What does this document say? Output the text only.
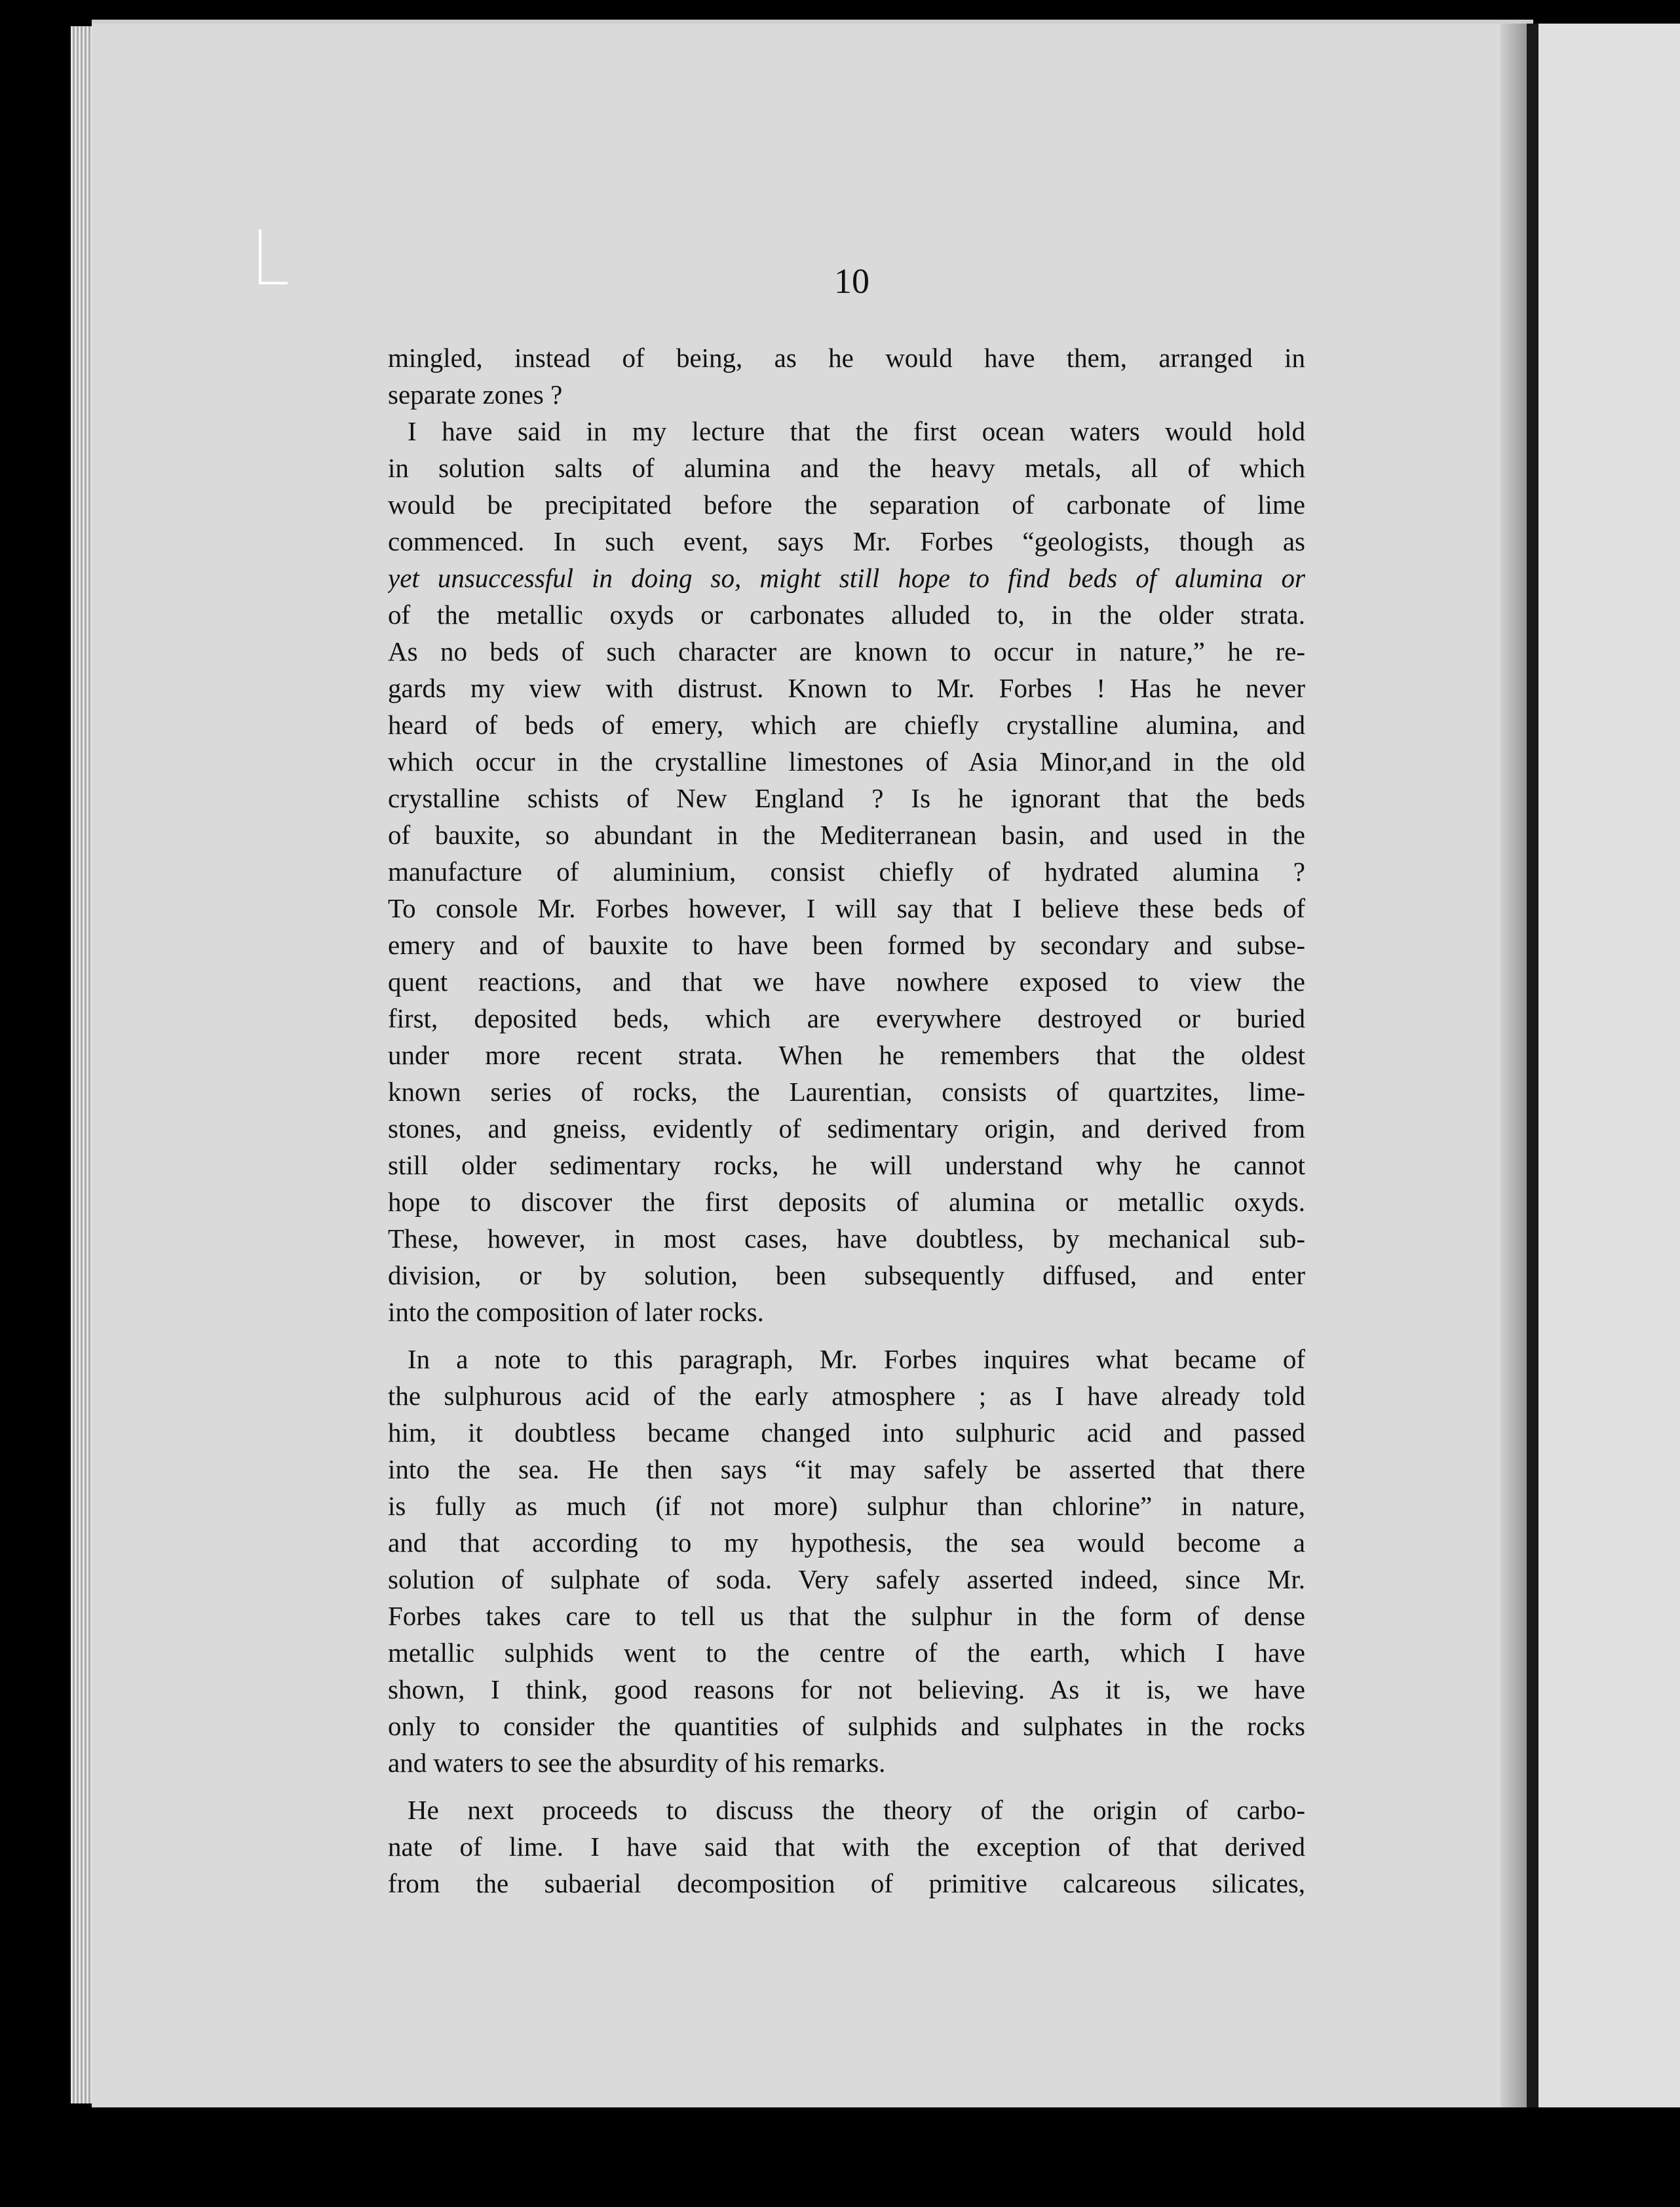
10
mingled, instead of being, as he would have them, arranged in
separate zones ?
I have said in my lecture that the first ocean waters would hold
in solution salts of alumina and the heavy metals, all of which
would be precipitated before the separation of carbonate of lime
commenced. In such event, says Mr. Forbes “geologists, though as
yet unsuccessful in doing so, might still hope to find beds of alumina or
of the metallic oxyds or carbonates alluded to, in the older strata.
As no beds of such character are known to occur in nature,” he re-
gards my view with distrust. Known to Mr. Forbes ! Has he never
heard of beds of emery, which are chiefly crystalline alumina, and
which occur in the crystalline limestones of Asia Minor,and in the old
crystalline schists of New England ? Is he ignorant that the beds
of bauxite, so abundant in the Mediterranean basin, and used in the
manufacture of aluminium, consist chiefly of hydrated alumina ?
To console Mr. Forbes however, I will say that I believe these beds of
emery and of bauxite to have been formed by secondary and subse-
quent reactions, and that we have nowhere exposed to view the
first, deposited beds, which are everywhere destroyed or buried
under more recent strata. When he remembers that the oldest
known series of rocks, the Laurentian, consists of quartzites, lime-
stones, and gneiss, evidently of sedimentary origin, and derived from
still older sedimentary rocks, he will understand why he cannot
hope to discover the first deposits of alumina or metallic oxyds.
These, however, in most cases, have doubtless, by mechanical sub-
division, or by solution, been subsequently diffused, and enter
into the composition of later rocks.
In a note to this paragraph, Mr. Forbes inquires what became of
the sulphurous acid of the early atmosphere ; as I have already told
him, it doubtless became changed into sulphuric acid and passed
into the sea. He then says “it may safely be asserted that there
is fully as much (if not more) sulphur than chlorine” in nature,
and that according to my hypothesis, the sea would become a
solution of sulphate of soda. Very safely asserted indeed, since Mr.
Forbes takes care to tell us that the sulphur in the form of dense
metallic sulphids went to the centre of the earth, which I have
shown, I think, good reasons for not believing. As it is, we have
only to consider the quantities of sulphids and sulphates in the rocks
and waters to see the absurdity of his remarks.
He next proceeds to discuss the theory of the origin of carbo-
nate of lime. I have said that with the exception of that derived
from the subaerial decomposition of primitive calcareous silicates,
